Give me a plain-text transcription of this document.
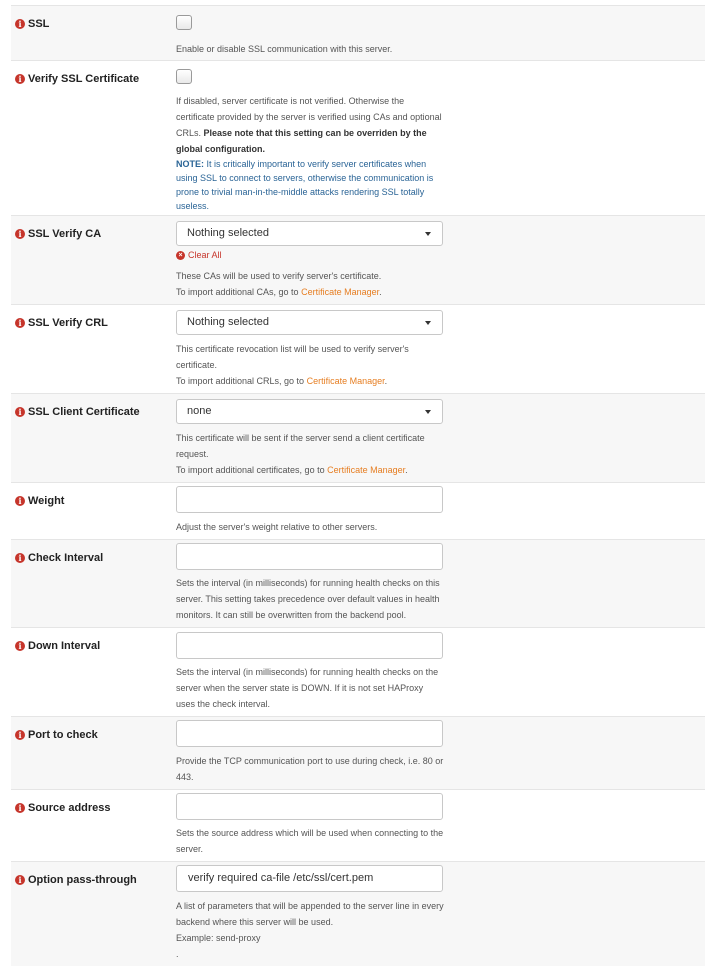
i SSL
Enable or disable SSL communication with this server.
i Verify SSL Certificate
If disabled, server certificate is not verified. Otherwise the certificate provided by the server is verified using CAs and optional CRLs. Please note that this setting can be overriden by the global configuration.
NOTE: It is critically important to verify server certificates when using SSL to connect to servers, otherwise the communication is prone to trivial man-in-the-middle attacks rendering SSL totally useless.
i SSL Verify CA	Nothing selected
× Clear All
These CAs will be used to verify server's certificate.
To import additional CAs, go to Certificate Manager.
i SSL Verify CRL	Nothing selected
This certificate revocation list will be used to verify server's certificate.
To import additional CRLs, go to Certificate Manager.
i SSL Client Certificate	none
This certificate will be sent if the server send a client certificate request.
To import additional certificates, go to Certificate Manager.
i Weight
Adjust the server's weight relative to other servers.
i Check Interval
Sets the interval (in milliseconds) for running health checks on this server. This setting takes precedence over default values in health monitors. It can still be overwritten from the backend pool.
i Down Interval
Sets the interval (in milliseconds) for running health checks on the server when the server state is DOWN. If it is not set HAProxy uses the check interval.
i Port to check
Provide the TCP communication port to use during check, i.e. 80 or 443.
i Source address
Sets the source address which will be used when connecting to the server.
i Option pass-through	verify required ca-file /etc/ssl/cert.pem
A list of parameters that will be appended to the server line in every backend where this server will be used.
Example: send-proxy
.
